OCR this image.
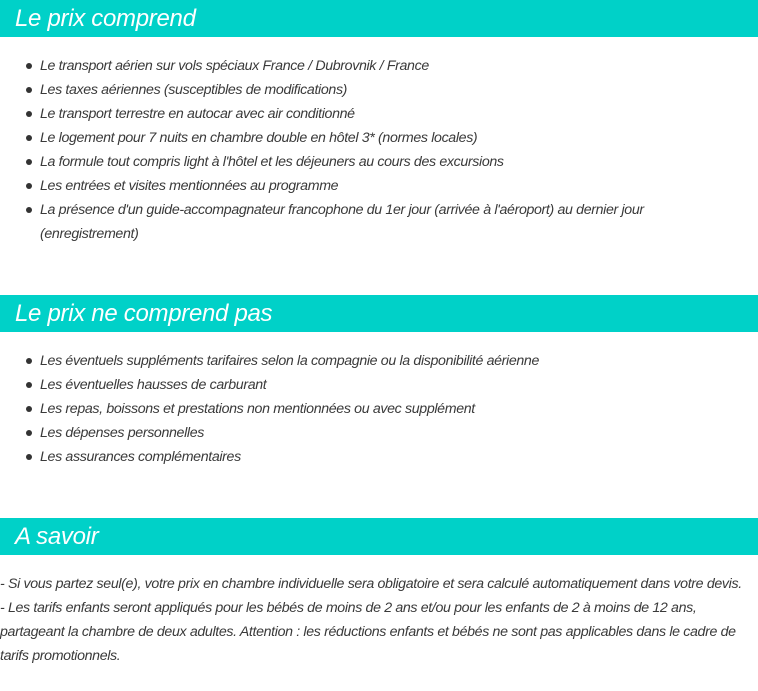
Le prix comprend
Le transport aérien sur vols spéciaux France / Dubrovnik / France
Les taxes aériennes (susceptibles de modifications)
Le transport terrestre en autocar avec air conditionné
Le logement pour 7 nuits en chambre double en hôtel 3* (normes locales)
La formule tout compris light à l'hôtel et les déjeuners au cours des excursions
Les entrées et visites mentionnées au programme
La présence d'un guide-accompagnateur francophone du 1er jour (arrivée à l'aéroport) au dernier jour (enregistrement)
Le prix ne comprend pas
Les éventuels suppléments tarifaires selon la compagnie ou la disponibilité aérienne
Les éventuelles hausses de carburant
Les repas, boissons et prestations non mentionnées ou avec supplément
Les dépenses personnelles
Les assurances complémentaires
A savoir
- Si vous partez seul(e), votre prix en chambre individuelle sera obligatoire et sera calculé automatiquement dans votre devis.
- Les tarifs enfants seront appliqués pour les bébés de moins de 2 ans et/ou pour les enfants de 2 à moins de 12 ans, partageant la chambre de deux adultes. Attention : les réductions enfants et bébés ne sont pas applicables dans le cadre de tarifs promotionnels.
